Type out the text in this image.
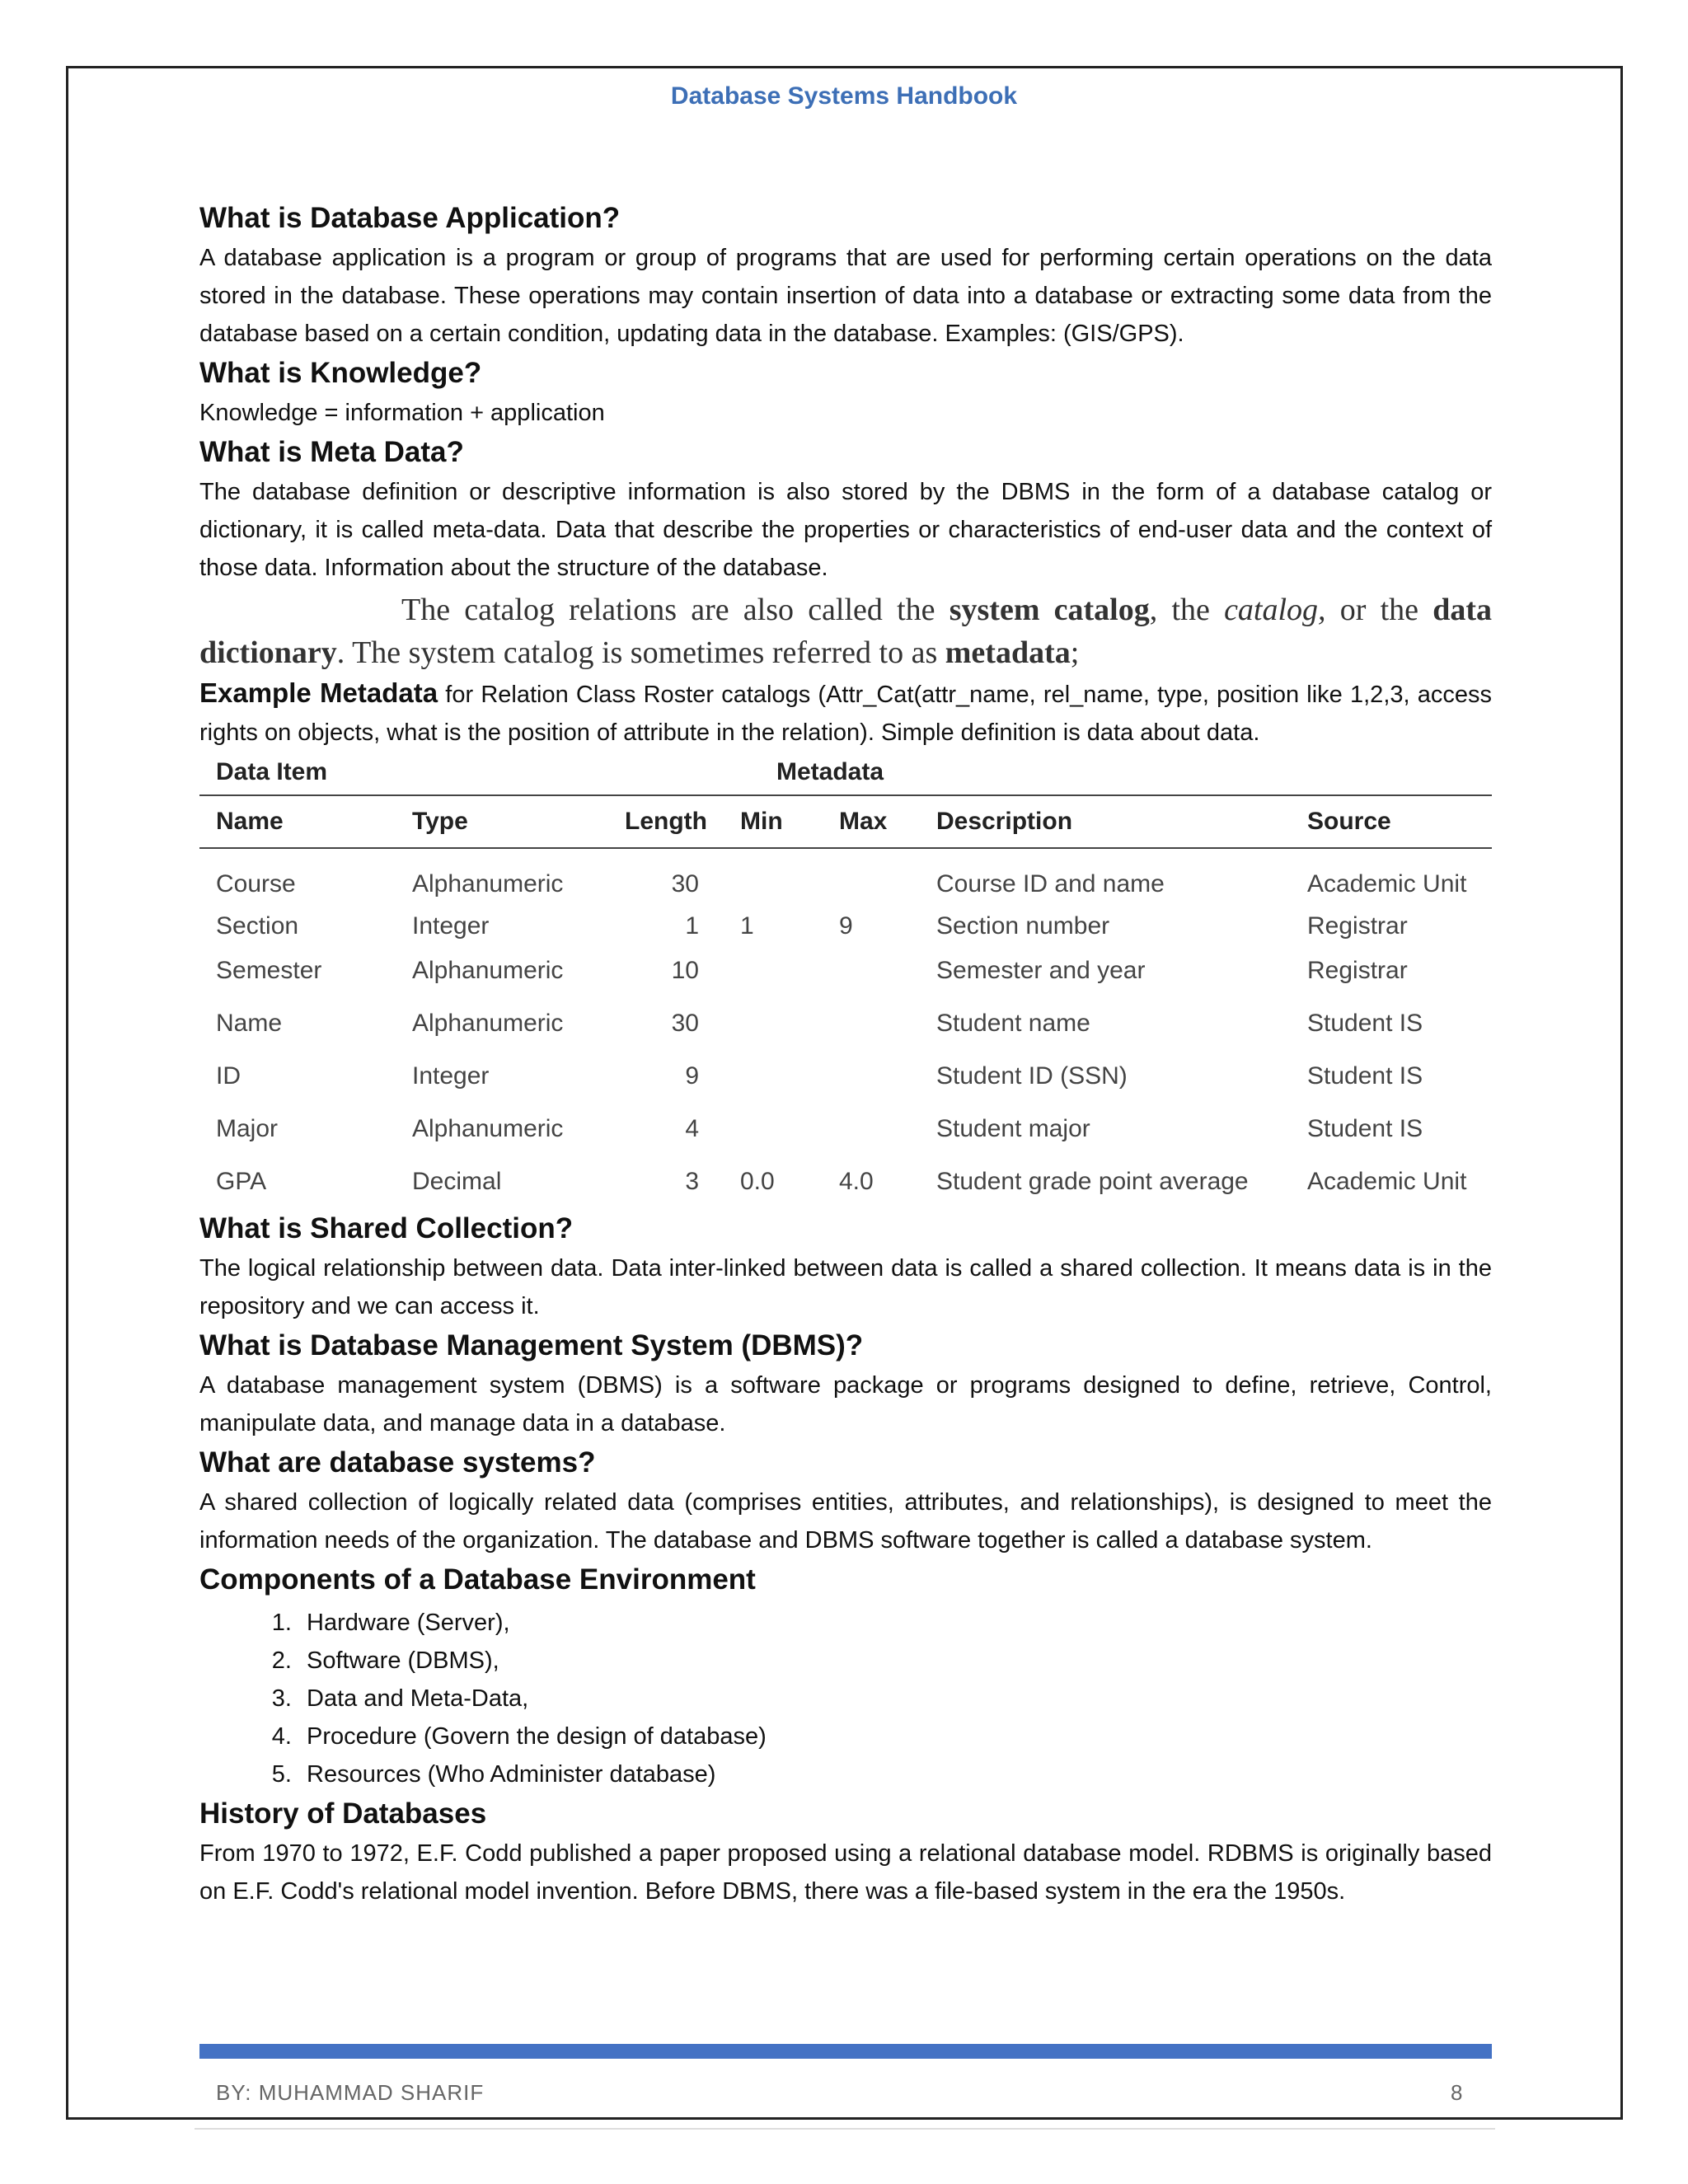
Database Systems Handbook
What is Database Application?

A database application is a program or group of programs that are used for performing certain operations on the data stored in the database. These operations may contain insertion of data into a database or extracting some data from the database based on a certain condition, updating data in the database. Examples: (GIS/GPS).

What is Knowledge?

Knowledge = information + application

What is Meta Data?

The database definition or descriptive information is also stored by the DBMS in the form of a database catalog or dictionary, it is called meta-data. Data that describe the properties or characteristics of end-user data and the context of those data. Information about the structure of the database.

The catalog relations are also called the system catalog, the catalog, or the data dictionary. The system catalog is sometimes referred to as metadata;

Example Metadata for Relation Class Roster catalogs (Attr_Cat(attr_name, rel_name, type, position like 1,2,3, access rights on objects, what is the position of attribute in the relation). Simple definition is data about data.

Data Item	Metadata
Name	Type	Length	Min	Max	Description	Source
Course	Alphanumeric	30			Course ID and name	Academic Unit
Section	Integer	1	1	9	Section number	Registrar
Semester	Alphanumeric	10			Semester and year	Registrar
Name	Alphanumeric	30			Student name	Student IS
ID	Integer	9			Student ID (SSN)	Student IS
Major	Alphanumeric	4			Student major	Student IS
GPA	Decimal	3	0.0	4.0	Student grade point average	Academic Unit
What is Shared Collection?

The logical relationship between data. Data inter-linked between data is called a shared collection. It means data is in the repository and we can access it.

What is Database Management System (DBMS)?

A database management system (DBMS) is a software package or programs designed to define, retrieve, Control, manipulate data, and manage data in a database.

What are database systems?

A shared collection of logically related data (comprises entities, attributes, and relationships), is designed to meet the information needs of the organization. The database and DBMS software together is called a database system.

Components of a Database Environment
1. Hardware (Server),
2. Software (DBMS),
3. Data and Meta-Data,
4. Procedure (Govern the design of database)
5. Resources (Who Administer database)
History of Databases

From 1970 to 1972, E.F. Codd published a paper proposed using a relational database model. RDBMS is originally based on E.F. Codd's relational model invention. Before DBMS, there was a file-based system in the era the 1950s.

BY: MUHAMMAD SHARIF	8
